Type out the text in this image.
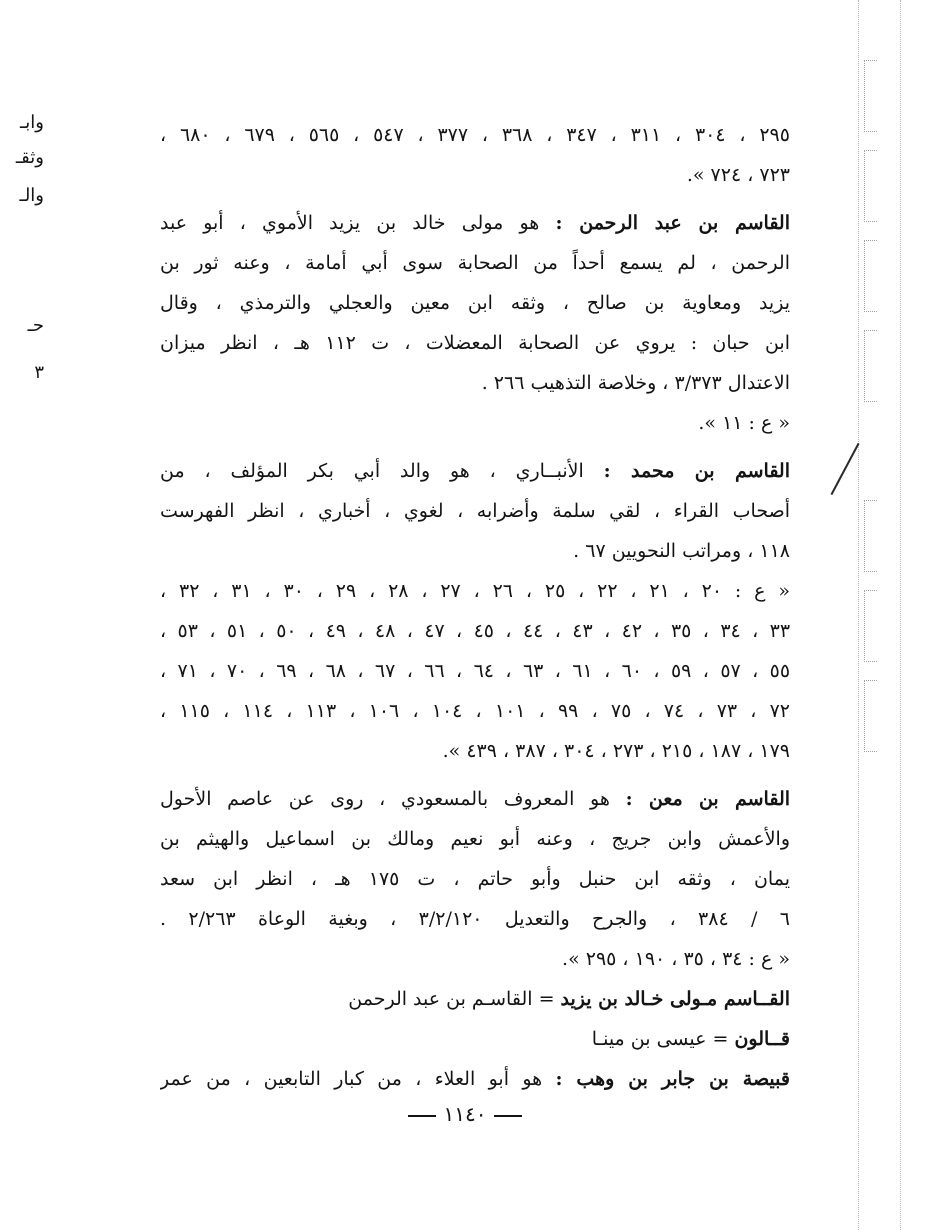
وابـ
وثقـ
والـ
حـ
٣
٢٩٥ ، ٣٠٤ ، ٣١١ ، ٣٤٧ ، ٣٦٨ ، ٣٧٧ ، ٥٤٧ ، ٥٦٥ ، ٦٧٩ ، ٦٨٠ ،
٧٢٣ ، ٧٢٤ ».
القاسم بن عبد الرحمن : هو مولى خالد بن يزيد الأموي ، أبو عبد
الرحمن ، لم يسمع أحداً من الصحابة سوى أبي أمامة ، وعنه ثور بن
يزيد ومعاوية بن صالح ، وثقه ابن معين والعجلي والترمذي ، وقال
ابن حبان : يروي عن الصحابة المعضلات ، ت ١١٢ هـ ، انظر ميزان
الاعتدال ٣/٣٧٣ ، وخلاصة التذهيب ٢٦٦ .
« ع : ١١ ».
القاسم بن محمد : الأنبــاري ، هو والد أبي بكر المؤلف ، من
أصحاب القراء ، لقي سلمة وأضرابه ، لغوي ، أخباري ، انظر الفهرست
١١٨ ، ومراتب النحويين ٦٧ .
« ع : ٢٠ ، ٢١ ، ٢٢ ، ٢٥ ، ٢٦ ، ٢٧ ، ٢٨ ، ٢٩ ، ٣٠ ، ٣١ ، ٣٢ ،
٣٣ ، ٣٤ ، ٣٥ ، ٤٢ ، ٤٣ ، ٤٤ ، ٤٥ ، ٤٧ ، ٤٨ ، ٤٩ ، ٥٠ ، ٥١ ، ٥٣ ،
٥٥ ، ٥٧ ، ٥٩ ، ٦٠ ، ٦١ ، ٦٣ ، ٦٤ ، ٦٦ ، ٦٧ ، ٦٨ ، ٦٩ ، ٧٠ ، ٧١ ،
٧٢ ، ٧٣ ، ٧٤ ، ٧٥ ، ٩٩ ، ١٠١ ، ١٠٤ ، ١٠٦ ، ١١٣ ، ١١٤ ، ١١٥ ،
١٧٩ ، ١٨٧ ، ٢١٥ ، ٢٧٣ ، ٣٠٤ ، ٣٨٧ ، ٤٣٩ ».
القاسم بن معن : هو المعروف بالمسعودي ، روى عن عاصم الأحول
والأعمش وابن جريج ، وعنه أبو نعيم ومالك بن اسماعيل والهيثم بن
يمان ، وثقه ابن حنبل وأبو حاتم ، ت ١٧٥ هـ ، انظر ابن سعد
٦ / ٣٨٤ ، والجرح والتعديل ٣/٢/١٢٠ ، وبغية الوعاة ٢/٢٦٣ .
« ع : ٣٤ ، ٣٥ ، ١٩٠ ، ٢٩٥ ».
القــاسم مـولى خـالد بن يزيد = القاسـم بن عبد الرحمن
قــالون = عيسى بن مينـا
قبيصة بن جابر بن وهب : هو أبو العلاء ، من كبار التابعين ، من عمر
١١٤٠
